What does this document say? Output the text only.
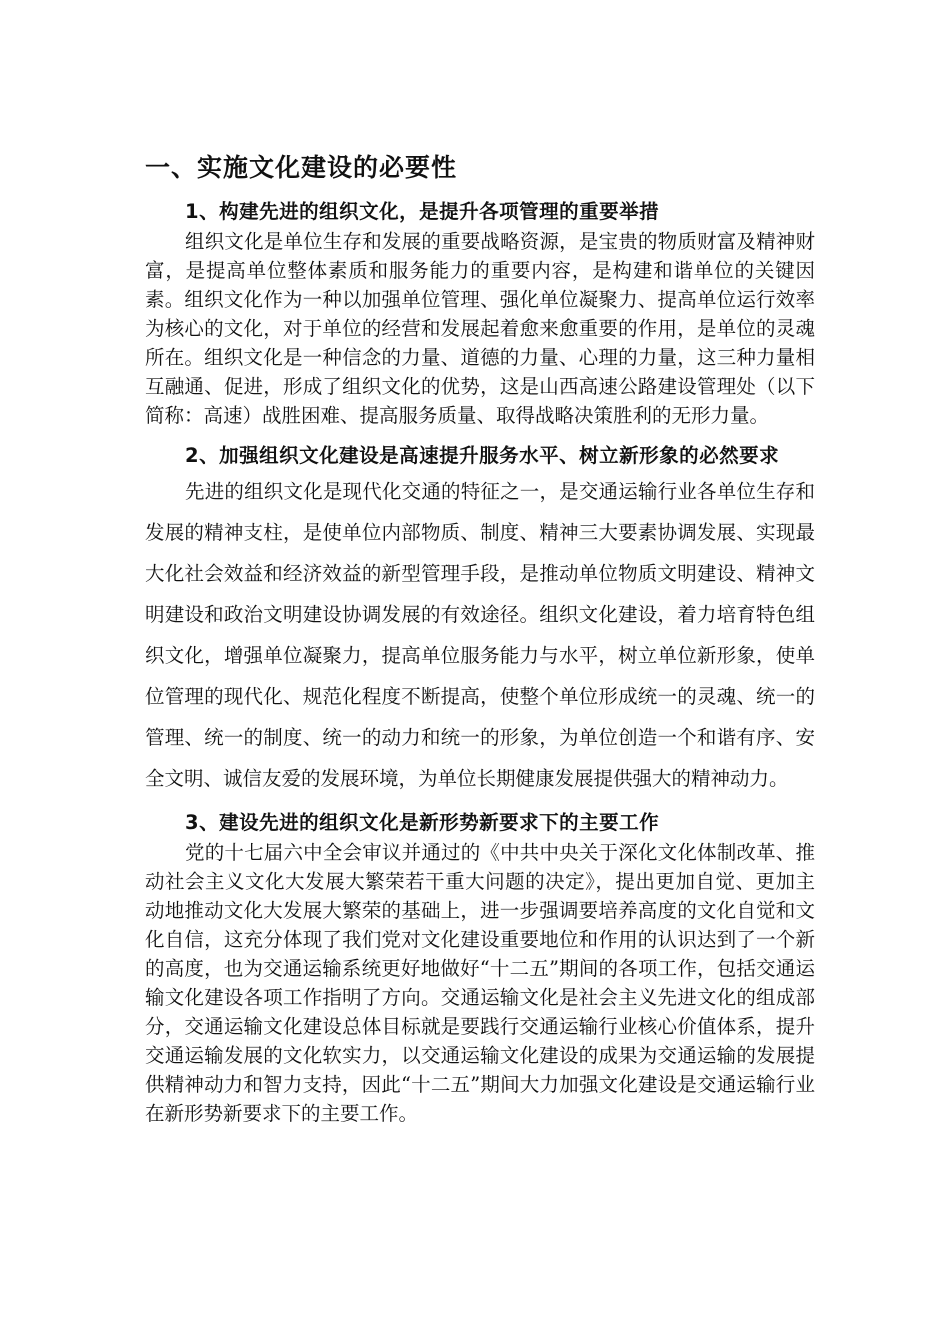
一、实施文化建设的必要性
1、构建先进的组织文化，是提升各项管理的重要举措

组织文化是单位生存和发展的重要战略资源，是宝贵的物质财富及精神财富，是提高单位整体素质和服务能力的重要内容，是构建和谐单位的关键因素。组织文化作为一种以加强单位管理、强化单位凝聚力、提高单位运行效率为核心的文化，对于单位的经营和发展起着愈来愈重要的作用，是单位的灵魂所在。组织文化是一种信念的力量、道德的力量、心理的力量，这三种力量相互融通、促进，形成了组织文化的优势，这是山西高速公路建设管理处（以下简称：高速）战胜困难、提高服务质量、取得战略决策胜利的无形力量。

2、加强组织文化建设是高速提升服务水平、树立新形象的必然要求

先进的组织文化是现代化交通的特征之一，是交通运输行业各单位生存和发展的精神支柱，是使单位内部物质、制度、精神三大要素协调发展、实现最大化社会效益和经济效益的新型管理手段，是推动单位物质文明建设、精神文明建设和政治文明建设协调发展的有效途径。组织文化建设，着力培育特色组织文化，增强单位凝聚力，提高单位服务能力与水平，树立单位新形象，使单位管理的现代化、规范化程度不断提高，使整个单位形成统一的灵魂、统一的管理、统一的制度、统一的动力和统一的形象，为单位创造一个和谐有序、安全文明、诚信友爱的发展环境，为单位长期健康发展提供强大的精神动力。

3、建设先进的组织文化是新形势新要求下的主要工作

党的十七届六中全会审议并通过的《中共中央关于深化文化体制改革、推动社会主义文化大发展大繁荣若干重大问题的决定》，提出更加自觉、更加主动地推动文化大发展大繁荣的基础上，进一步强调要培养高度的文化自觉和文化自信，这充分体现了我们党对文化建设重要地位和作用的认识达到了一个新的高度，也为交通运输系统更好地做好“十二五”期间的各项工作，包括交通运输文化建设各项工作指明了方向。交通运输文化是社会主义先进文化的组成部分，交通运输文化建设总体目标就是要践行交通运输行业核心价值体系，提升交通运输发展的文化软实力，以交通运输文化建设的成果为交通运输的发展提供精神动力和智力支持，因此“十二五”期间大力加强文化建设是交通运输行业在新形势新要求下的主要工作。
